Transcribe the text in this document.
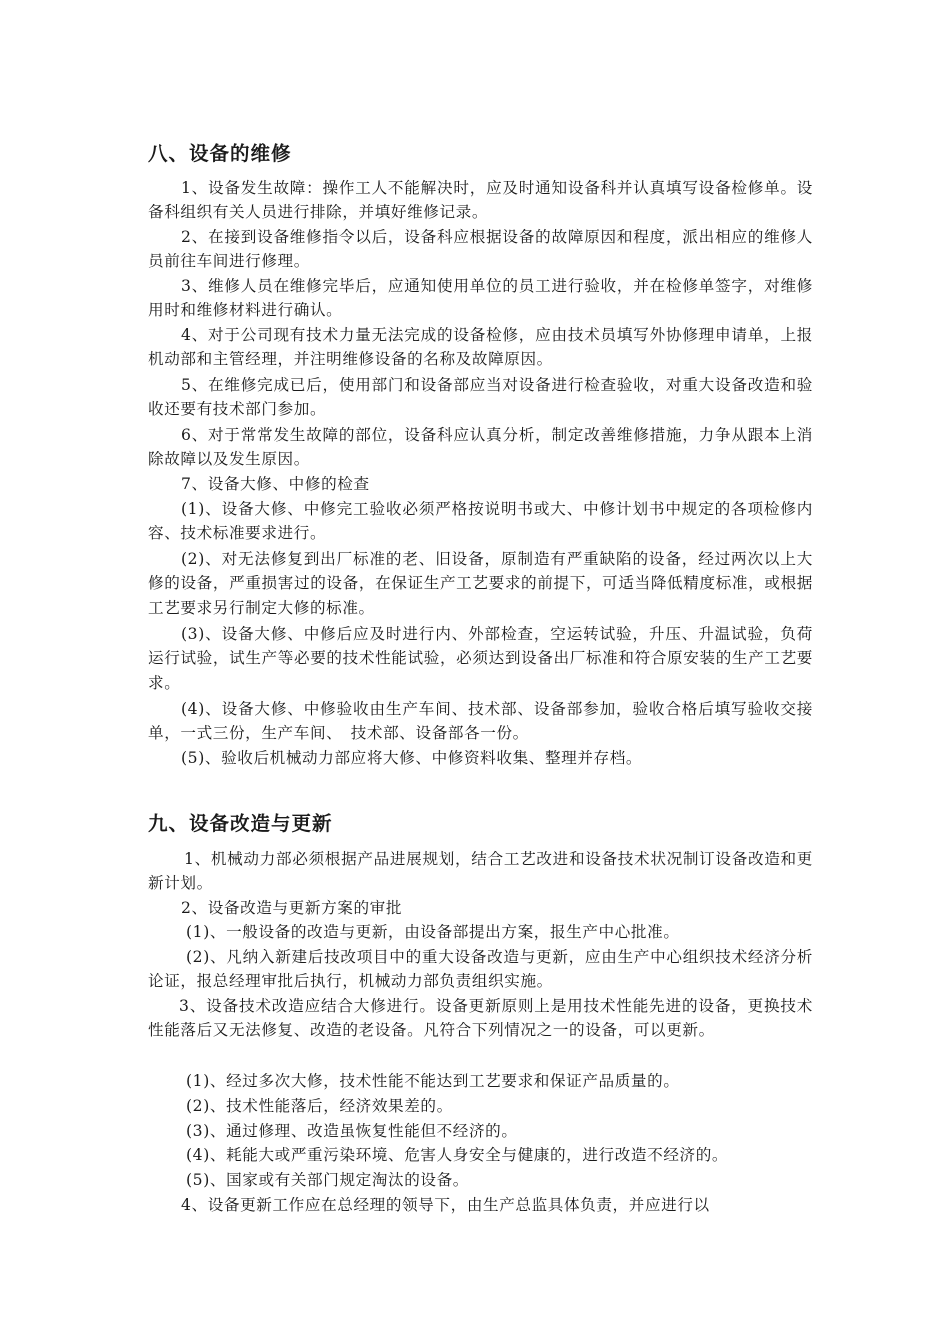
八、设备的维修

1、设备发生故障：操作工人不能解决时，应及时通知设备科并认真填写设备检修单。设备科组织有关人员进行排除，并填好维修记录。

2、在接到设备维修指令以后，设备科应根据设备的故障原因和程度，派出相应的维修人员前往车间进行修理。

3、维修人员在维修完毕后，应通知使用单位的员工进行验收，并在检修单签字，对维修用时和维修材料进行确认。

4、对于公司现有技术力量无法完成的设备检修，应由技术员填写外协修理申请单，上报机动部和主管经理，并注明维修设备的名称及故障原因。

5、在维修完成已后，使用部门和设备部应当对设备进行检查验收，对重大设备改造和验收还要有技术部门参加。

6、对于常常发生故障的部位，设备科应认真分析，制定改善维修措施，力争从跟本上消除故障以及发生原因。

7、设备大修、中修的检查

(1)、设备大修、中修完工验收必须严格按说明书或大、中修计划书中规定的各项检修内容、技术标准要求进行。

(2)、对无法修复到出厂标准的老、旧设备，原制造有严重缺陷的设备，经过两次以上大修的设备，严重损害过的设备，在保证生产工艺要求的前提下，可适当降低精度标准，或根据工艺要求另行制定大修的标准。

(3)、设备大修、中修后应及时进行内、外部检查，空运转试验，升压、升温试验，负荷运行试验，试生产等必要的技术性能试验，必须达到设备出厂标准和符合原安装的生产工艺要求。

(4)、设备大修、中修验收由生产车间、技术部、设备部参加，验收合格后填写验收交接单，一式三份，生产车间、　技术部、设备部各一份。

(5)、验收后机械动力部应将大修、中修资料收集、整理并存档。

九、设备改造与更新

1、机械动力部必须根据产品进展规划，结合工艺改进和设备技术状况制订设备改造和更新计划。

2、设备改造与更新方案的审批

(1)、一般设备的改造与更新，由设备部提出方案，报生产中心批准。

(2)、凡纳入新建后技改项目中的重大设备改造与更新，应由生产中心组织技术经济分析论证，报总经理审批后执行，机械动力部负责组织实施。

3、设备技术改造应结合大修进行。设备更新原则上是用技术性能先进的设备，更换技术性能落后又无法修复、改造的老设备。凡符合下列情况之一的设备，可以更新。

(1)、经过多次大修，技术性能不能达到工艺要求和保证产品质量的。

(2)、技术性能落后，经济效果差的。

(3)、通过修理、改造虽恢复性能但不经济的。

(4)、耗能大或严重污染环境、危害人身安全与健康的，进行改造不经济的。

(5)、国家或有关部门规定淘汰的设备。

4、设备更新工作应在总经理的领导下，由生产总监具体负责，并应进行以
